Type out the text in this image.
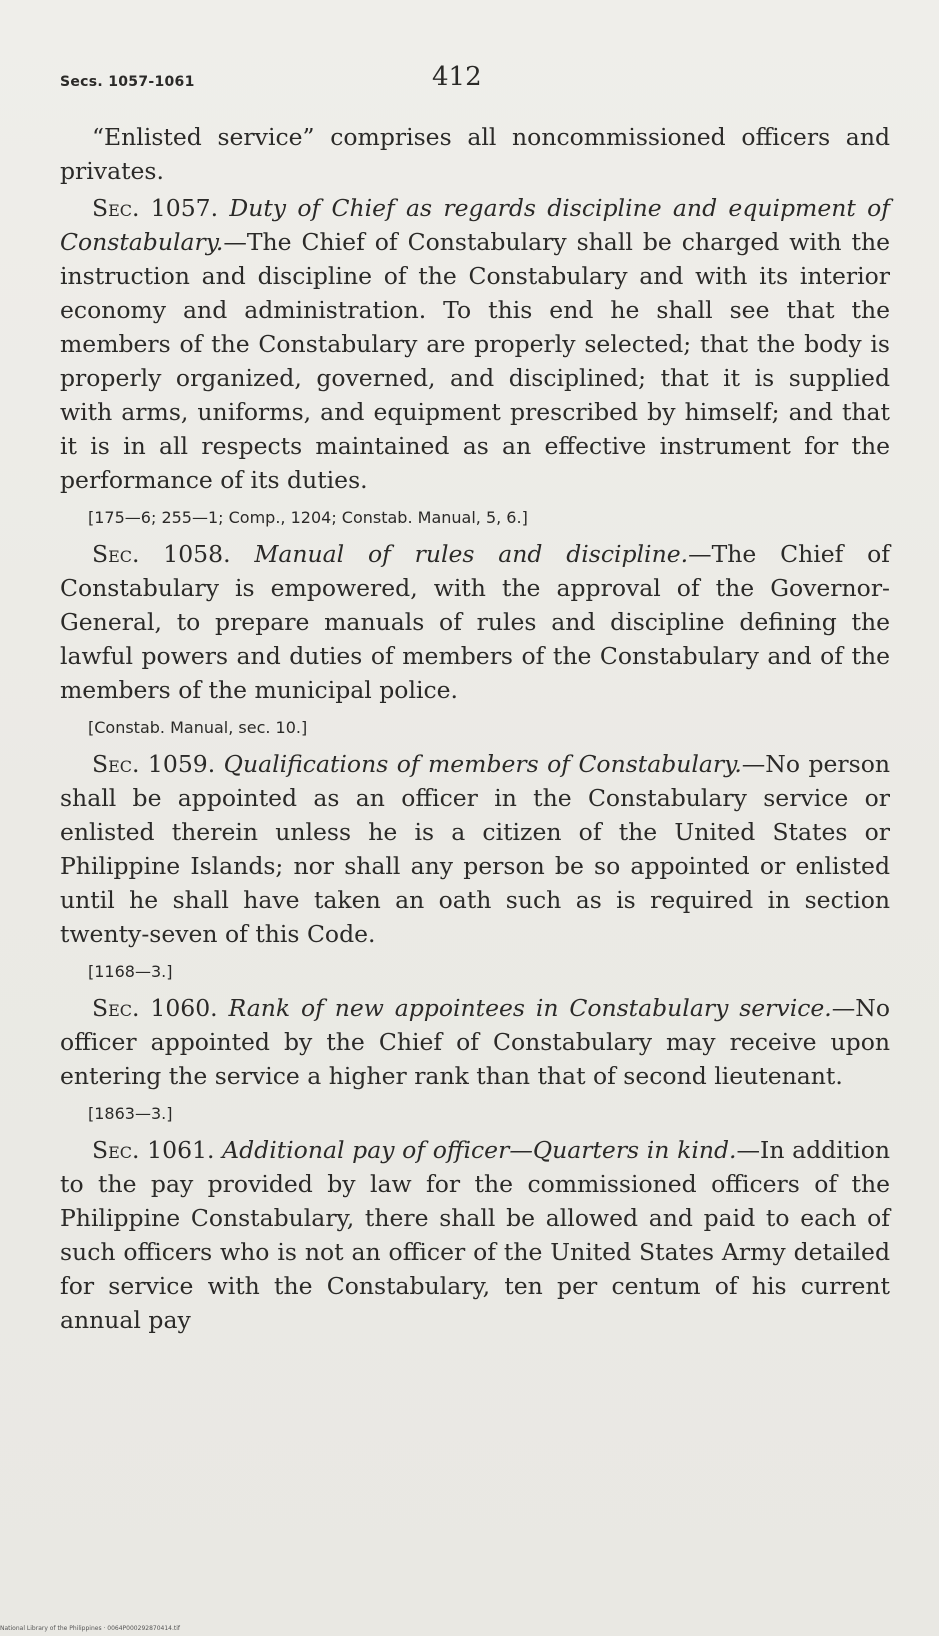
Secs. 1057-1061	412

“Enlisted service” comprises all noncommissioned officers and privates.

Sec. 1057. Duty of Chief as regards discipline and equipment of Constabulary.—The Chief of Constabulary shall be charged with the instruction and discipline of the Constabulary and with its interior economy and administration. To this end he shall see that the members of the Constabulary are properly selected; that the body is properly organized, governed, and disciplined; that it is supplied with arms, uniforms, and equipment prescribed by himself; and that it is in all respects maintained as an effective instrument for the performance of its duties.

[175—6; 255—1; Comp., 1204; Constab. Manual, 5, 6.]

Sec. 1058. Manual of rules and discipline.—The Chief of Constabulary is empowered, with the approval of the Governor-General, to prepare manuals of rules and discipline defining the lawful powers and duties of members of the Constabulary and of the members of the municipal police.

[Constab. Manual, sec. 10.]

Sec. 1059. Qualifications of members of Constabulary.—No person shall be appointed as an officer in the Constabulary service or enlisted therein unless he is a citizen of the United States or Philippine Islands; nor shall any person be so appointed or enlisted until he shall have taken an oath such as is required in section twenty-seven of this Code.

[1168—3.]

Sec. 1060. Rank of new appointees in Constabulary service.—No officer appointed by the Chief of Constabulary may receive upon entering the service a higher rank than that of second lieutenant.

[1863—3.]

Sec. 1061. Additional pay of officer—Quarters in kind.—In addition to the pay provided by law for the commissioned officers of the Philippine Constabulary, there shall be allowed and paid to each of such officers who is not an officer of the United States Army detailed for service with the Constabulary, ten per centum of his current annual pay

National Library of the Philippines · 0064P000292870414.tif
